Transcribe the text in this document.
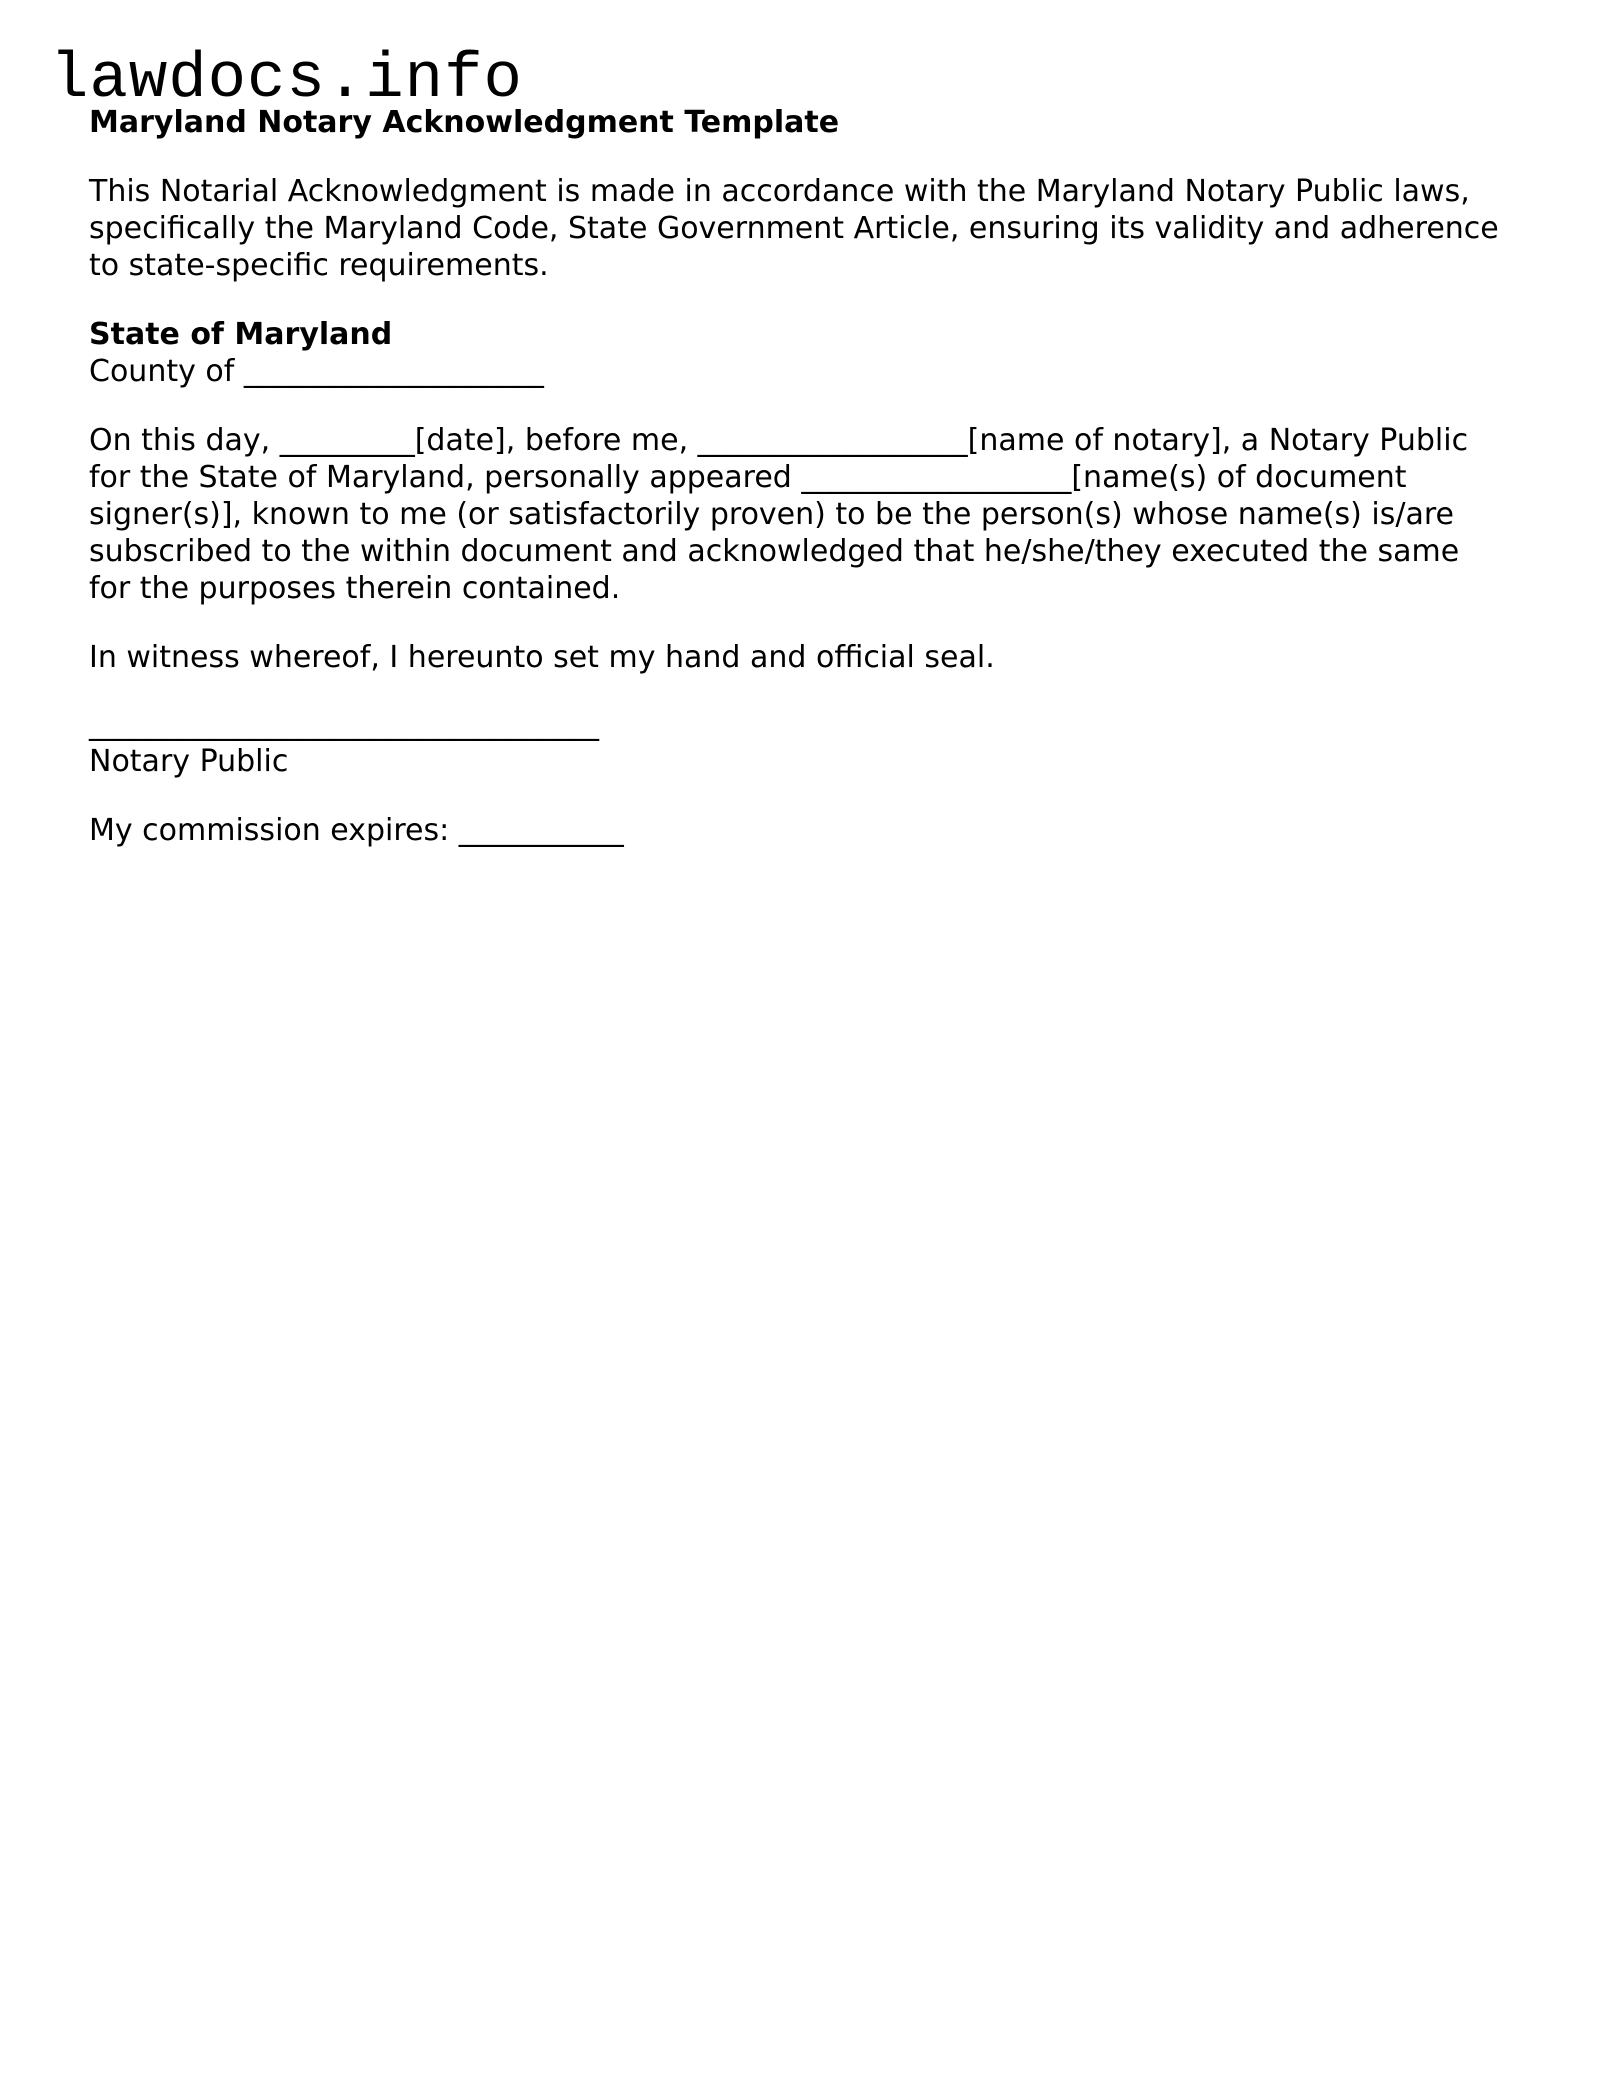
lawdocs.info
Maryland Notary Acknowledgment Template

This Notarial Acknowledgment is made in accordance with the Maryland Notary Public laws, specifically the Maryland Code, State Government Article, ensuring its validity and adherence to state-specific requirements.

State of Maryland

County of ____________________

On this day, _________[date], before me, __________________[name of notary], a Notary Public for the State of Maryland, personally appeared __________________[name(s) of document signer(s)], known to me (or satisfactorily proven) to be the person(s) whose name(s) is/are subscribed to the within document and acknowledged that he/she/they executed the same for the purposes therein contained.

In witness whereof, I hereunto set my hand and official seal.

__________________________________

Notary Public

My commission expires: ___________
